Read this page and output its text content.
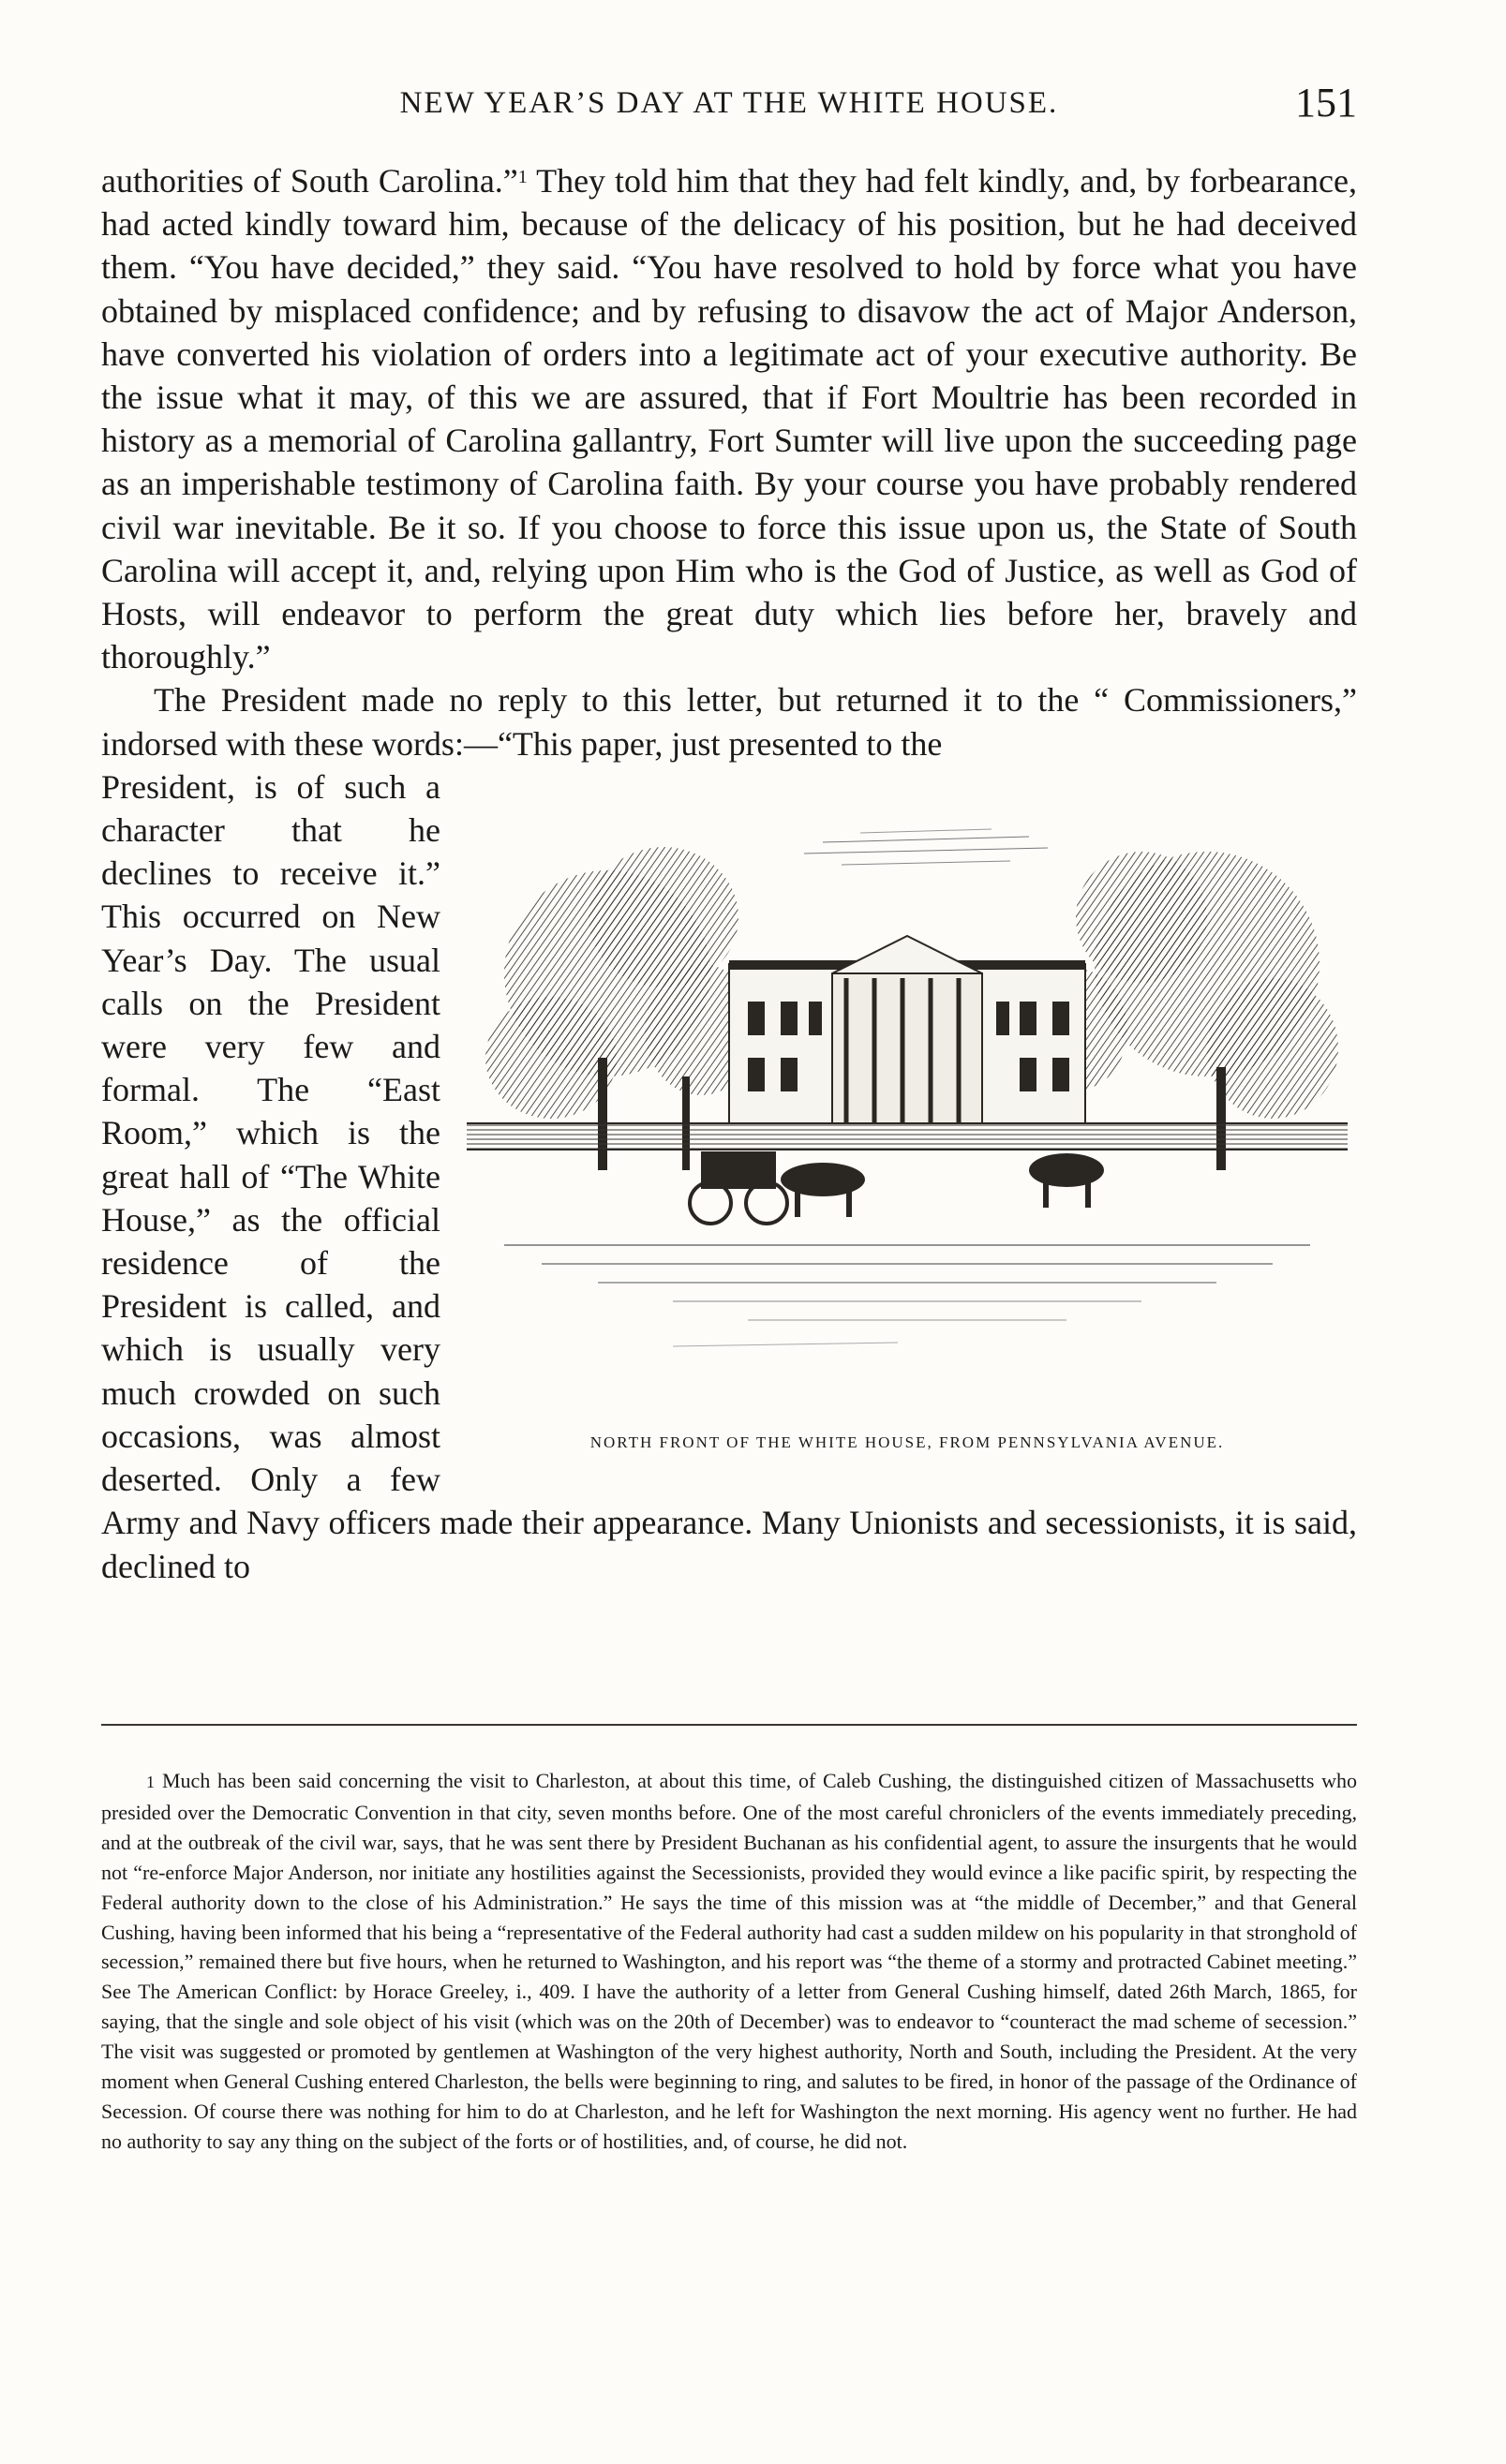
NEW YEAR’S DAY AT THE WHITE HOUSE.	151

authorities of South Carolina.”$^1$ They told him that they had felt kindly, and, by forbearance, had acted kindly toward him, because of the delicacy of his position, but he had deceived them. “You have decided,” they said. “You have resolved to hold by force what you have obtained by misplaced confidence; and by refusing to disavow the act of Major Anderson, have converted his violation of orders into a legitimate act of your executive authority. Be the issue what it may, of this we are assured, that if Fort Moultrie has been recorded in history as a memorial of Carolina gallantry, Fort Sumter will live upon the succeeding page as an imperishable testimony of Carolina faith. By your course you have probably rendered civil war inevitable. Be it so. If you choose to force this issue upon us, the State of South Carolina will accept it, and, relying upon Him who is the God of Justice, as well as God of Hosts, will endeavor to perform the great duty which lies before her, bravely and thoroughly.”

The President made no reply to this letter, but returned it to the “ Commissioners,” indorsed with these words:—“This paper, just presented to the

NORTH FRONT OF THE WHITE HOUSE, FROM PENNSYLVANIA AVENUE.

President, is of such a character that he declines to receive it.” This occurred on New Year’s Day. The usual calls on the President were very few and formal. The “East Room,” which is the great hall of “The White House,” as the official residence of the President is called, and which is usually very much crowded on such occasions, was almost deserted. Only a few Army and Navy officers made their appearance. Many Unionists and secessionists, it is said, declined to

1 Much has been said concerning the visit to Charleston, at about this time, of Caleb Cushing, the distinguished citizen of Massachusetts who presided over the Democratic Convention in that city, seven months before. One of the most careful chroniclers of the events immediately preceding, and at the outbreak of the civil war, says, that he was sent there by President Buchanan as his confidential agent, to assure the insurgents that he would not “re-enforce Major Anderson, nor initiate any hostilities against the Secessionists, provided they would evince a like pacific spirit, by respecting the Federal authority down to the close of his Administration.” He says the time of this mission was at “the middle of December,” and that General Cushing, having been informed that his being a “representative of the Federal authority had cast a sudden mildew on his popularity in that stronghold of secession,” remained there but five hours, when he returned to Washington, and his report was “the theme of a stormy and protracted Cabinet meeting.” See The American Conflict: by Horace Greeley, i., 409. I have the authority of a letter from General Cushing himself, dated 26th March, 1865, for saying, that the single and sole object of his visit (which was on the 20th of December) was to endeavor to “counteract the mad scheme of secession.” The visit was suggested or promoted by gentlemen at Washington of the very highest authority, North and South, including the President. At the very moment when General Cushing entered Charleston, the bells were beginning to ring, and salutes to be fired, in honor of the passage of the Ordinance of Secession. Of course there was nothing for him to do at Charleston, and he left for Washington the next morning. His agency went no further. He had no authority to say any thing on the subject of the forts or of hostilities, and, of course, he did not.
